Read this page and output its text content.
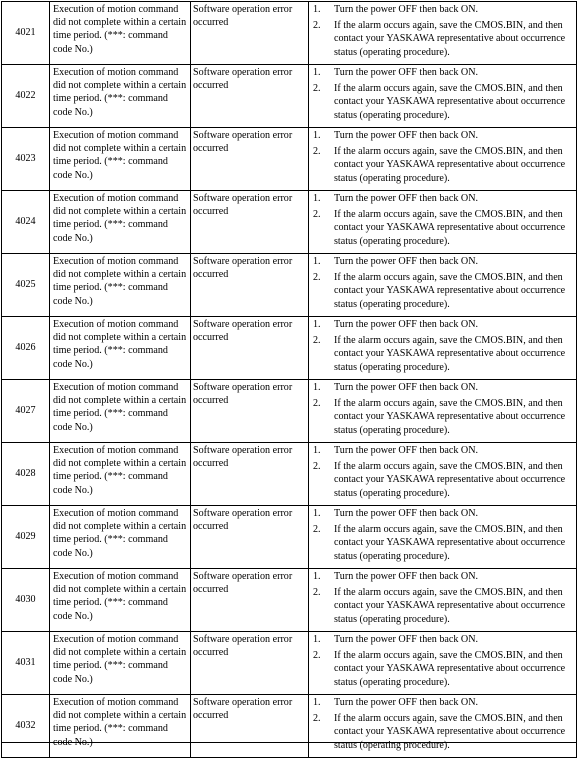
4021	Execution of motion command did not complete within a certain time period. (***: command code No.)	Software operation error occurred	1. Turn the power OFF then back ON.
2. If the alarm occurs again, save the CMOS.BIN, and then contact your YASKAWA representative about occurrence status (operating procedure).

4022	Execution of motion command did not complete within a certain time period. (***: command code No.)	Software operation error occurred	1. Turn the power OFF then back ON.
2. If the alarm occurs again, save the CMOS.BIN, and then contact your YASKAWA representative about occurrence status (operating procedure).

4023	Execution of motion command did not complete within a certain time period. (***: command code No.)	Software operation error occurred	1. Turn the power OFF then back ON.
2. If the alarm occurs again, save the CMOS.BIN, and then contact your YASKAWA representative about occurrence status (operating procedure).

4024	Execution of motion command did not complete within a certain time period. (***: command code No.)	Software operation error occurred	1. Turn the power OFF then back ON.
2. If the alarm occurs again, save the CMOS.BIN, and then contact your YASKAWA representative about occurrence status (operating procedure).

4025	Execution of motion command did not complete within a certain time period. (***: command code No.)	Software operation error occurred	1. Turn the power OFF then back ON.
2. If the alarm occurs again, save the CMOS.BIN, and then contact your YASKAWA representative about occurrence status (operating procedure).

4026	Execution of motion command did not complete within a certain time period. (***: command code No.)	Software operation error occurred	1. Turn the power OFF then back ON.
2. If the alarm occurs again, save the CMOS.BIN, and then contact your YASKAWA representative about occurrence status (operating procedure).

4027	Execution of motion command did not complete within a certain time period. (***: command code No.)	Software operation error occurred	1. Turn the power OFF then back ON.
2. If the alarm occurs again, save the CMOS.BIN, and then contact your YASKAWA representative about occurrence status (operating procedure).

4028	Execution of motion command did not complete within a certain time period. (***: command code No.)	Software operation error occurred	1. Turn the power OFF then back ON.
2. If the alarm occurs again, save the CMOS.BIN, and then contact your YASKAWA representative about occurrence status (operating procedure).

4029	Execution of motion command did not complete within a certain time period. (***: command code No.)	Software operation error occurred	1. Turn the power OFF then back ON.
2. If the alarm occurs again, save the CMOS.BIN, and then contact your YASKAWA representative about occurrence status (operating procedure).

4030	Execution of motion command did not complete within a certain time period. (***: command code No.)	Software operation error occurred	1. Turn the power OFF then back ON.
2. If the alarm occurs again, save the CMOS.BIN, and then contact your YASKAWA representative about occurrence status (operating procedure).

4031	Execution of motion command did not complete within a certain time period. (***: command code No.)	Software operation error occurred	1. Turn the power OFF then back ON.
2. If the alarm occurs again, save the CMOS.BIN, and then contact your YASKAWA representative about occurrence status (operating procedure).

4032	Execution of motion command did not complete within a certain time period. (***: command code No.)	Software operation error occurred	1. Turn the power OFF then back ON.
2. If the alarm occurs again, save the CMOS.BIN, and then contact your YASKAWA representative about occurrence status (operating procedure).
